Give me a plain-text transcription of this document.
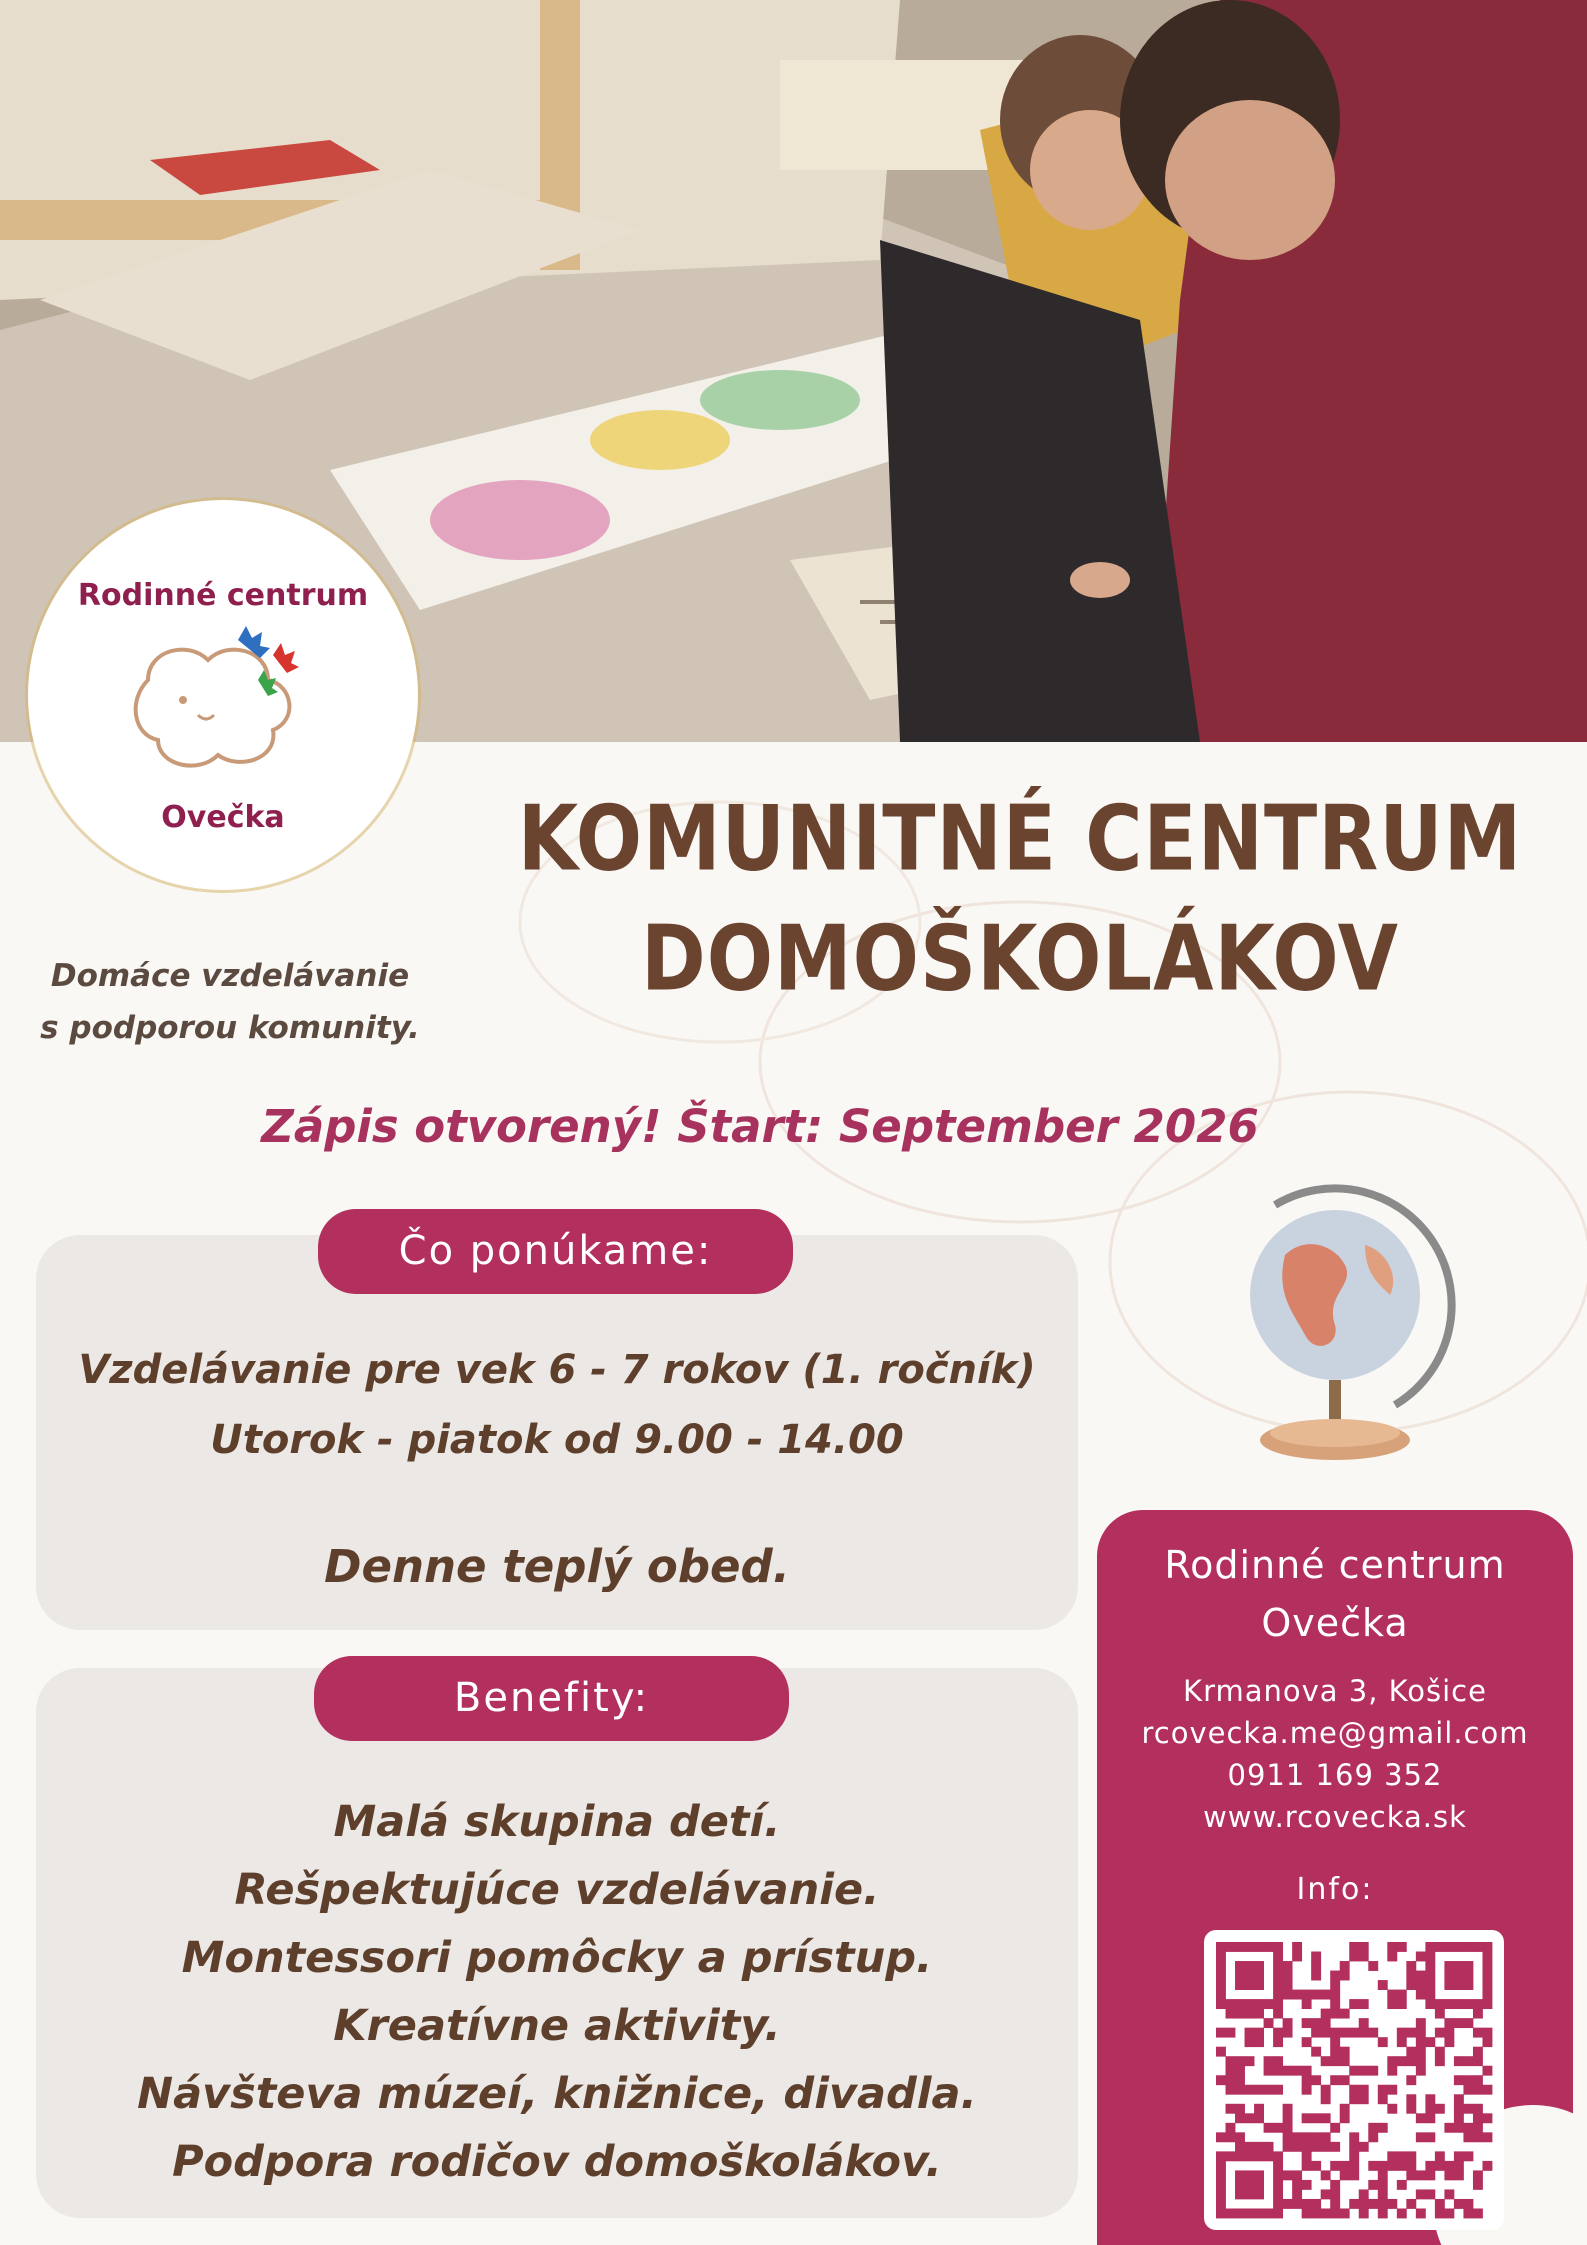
Rodinné centrum
Ovečka
Domáce vzdelávanie
s podporou komunity.
KOMUNITNÉ CENTRUM
DOMOŠKOLÁKOV
Zápis otvorený! Štart: September 2026
Čo ponúkame:
Vzdelávanie pre vek 6 - 7 rokov (1. ročník)
Utorok - piatok od 9.00 - 14.00
Denne teplý obed.
Benefity:
Malá skupina detí.
Rešpektujúce vzdelávanie.
Montessori pomôcky a prístup.
Kreatívne aktivity.
Návšteva múzeí, knižnice, divadla.
Podpora rodičov domoškolákov.
Rodinné centrum
Ovečka
Krmanova 3, Košice
rcovecka.me@gmail.com
0911 169 352
www.rcovecka.sk
Info:
